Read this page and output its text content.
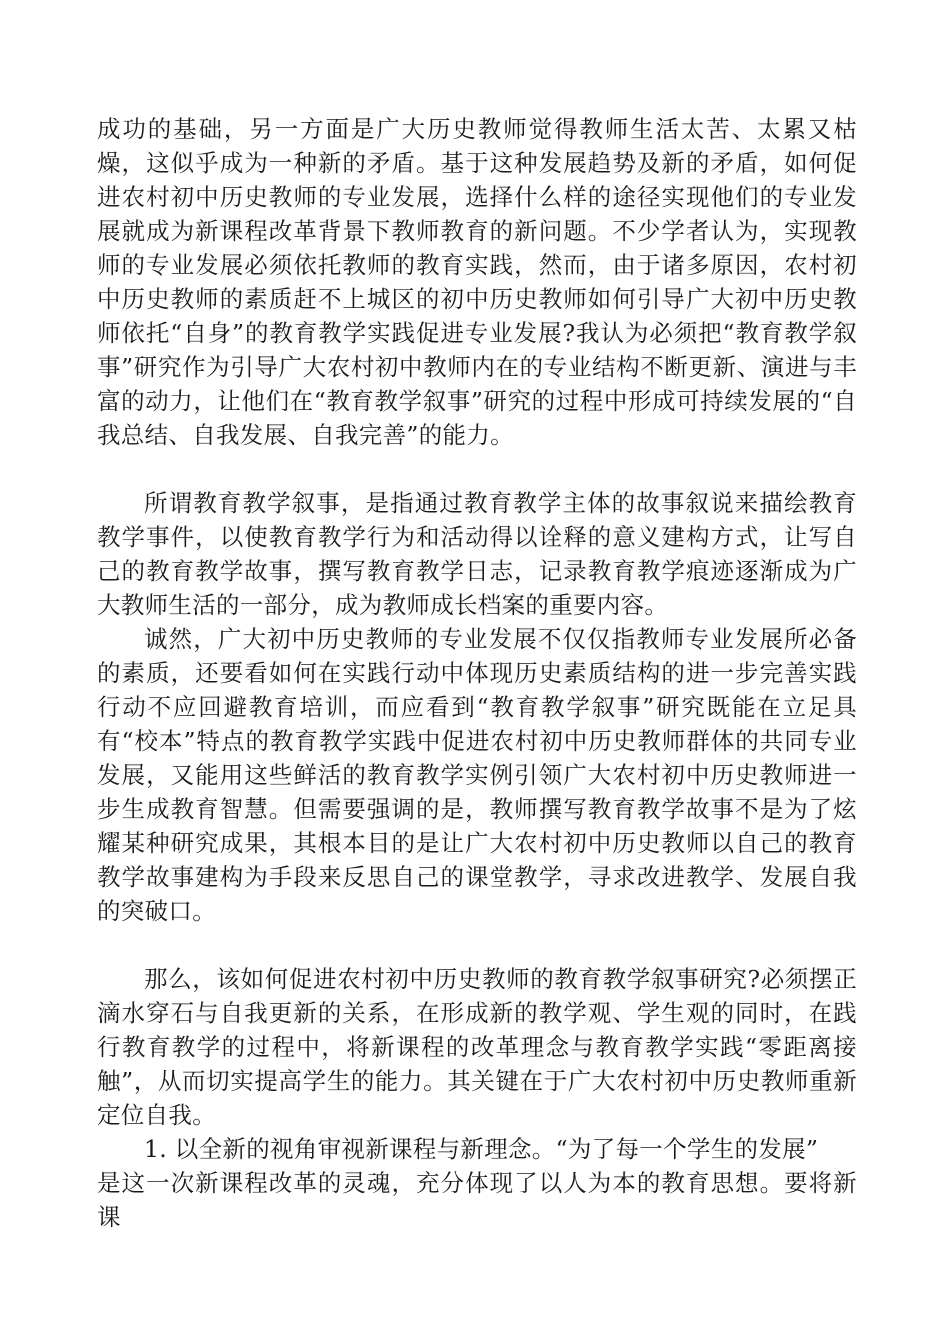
成功的基础，另一方面是广大历史教师觉得教师生活太苦、太累又枯燥，这似乎成为一种新的矛盾。基于这种发展趋势及新的矛盾，如何促进农村初中历史教师的专业发展，选择什么样的途径实现他们的专业发展就成为新课程改革背景下教师教育的新问题。不少学者认为，实现教师的专业发展必须依托教师的教育实践，然而，由于诸多原因，农村初中历史教师的素质赶不上城区的初中历史教师如何引导广大初中历史教师依托“自身”的教育教学实践促进专业发展?我认为必须把“教育教学叙事”研究作为引导广大农村初中教师内在的专业结构不断更新、演进与丰富的动力，让他们在“教育教学叙事”研究的过程中形成可持续发展的“自我总结、自我发展、自我完善”的能力。

所谓教育教学叙事，是指通过教育教学主体的故事叙说来描绘教育教学事件，以使教育教学行为和活动得以诠释的意义建构方式，让写自己的教育教学故事，撰写教育教学日志，记录教育教学痕迹逐渐成为广大教师生活的一部分，成为教师成长档案的重要内容。

诚然，广大初中历史教师的专业发展不仅仅指教师专业发展所必备的素质，还要看如何在实践行动中体现历史素质结构的进一步完善实践行动不应回避教育培训，而应看到“教育教学叙事”研究既能在立足具有“校本”特点的教育教学实践中促进农村初中历史教师群体的共同专业发展，又能用这些鲜活的教育教学实例引领广大农村初中历史教师进一步生成教育智慧。但需要强调的是，教师撰写教育教学故事不是为了炫耀某种研究成果，其根本目的是让广大农村初中历史教师以自己的教育教学故事建构为手段来反思自己的课堂教学，寻求改进教学、发展自我的突破口。

那么，该如何促进农村初中历史教师的教育教学叙事研究?必须摆正滴水穿石与自我更新的关系，在形成新的教学观、学生观的同时，在践行教育教学的过程中，将新课程的改革理念与教育教学实践“零距离接触”，从而切实提高学生的能力。其关键在于广大农村初中历史教师重新定位自我。

1. 以全新的视角审视新课程与新理念。“为了每一个学生的发展”

是这一次新课程改革的灵魂，充分体现了以人为本的教育思想。要将新课
